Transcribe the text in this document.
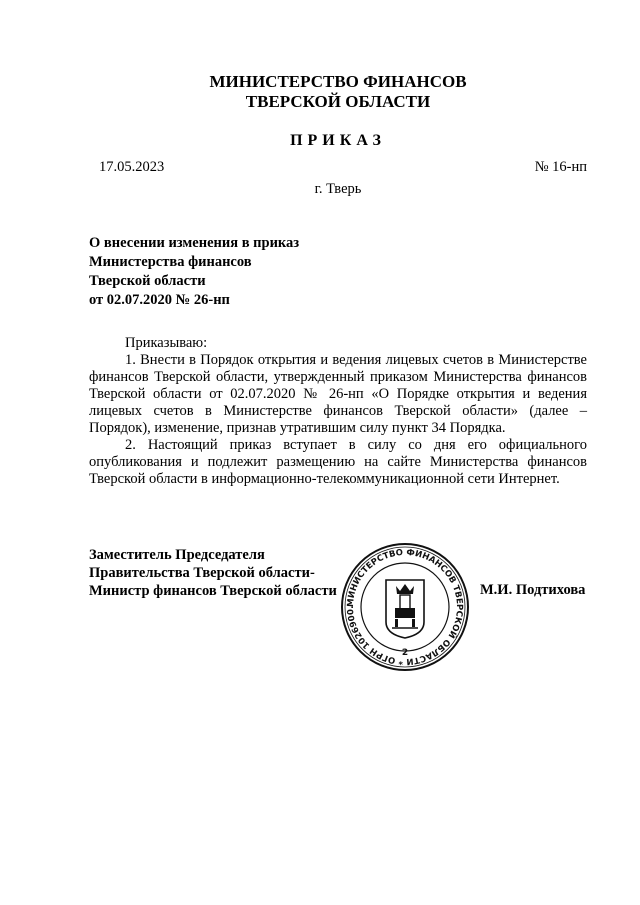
МИНИСТЕРСТВО ФИНАНСОВ
ТВЕРСКОЙ ОБЛАСТИ
ПРИКАЗ
17.05.2023	№ 16-нп
г. Тверь
О внесении изменения в приказ
Министерства финансов
Тверской области
от 02.07.2020 № 26-нп

Приказываю:

1. Внести в Порядок открытия и ведения лицевых счетов в Министерстве финансов Тверской области, утвержденный приказом Министерства финансов Тверской области от 02.07.2020 № 26-нп «О Порядке открытия и ведения лицевых счетов в Министерстве финансов Тверской области» (далее – Порядок), изменение, признав утратившим силу пункт 34 Порядка.

2. Настоящий приказ вступает в силу со дня его официального опубликования и подлежит размещению на сайте Министерства финансов Тверской области в информационно-телекоммуникационной сети Интернет.

Заместитель Председателя
Правительства Тверской области-
Министр финансов Тверской области	М.И. Подтихова
МИНИСТЕРСТВО ФИНАНСОВ ТВЕРСКОЙ ОБЛАСТИ * ОГРН 1026900.
2
